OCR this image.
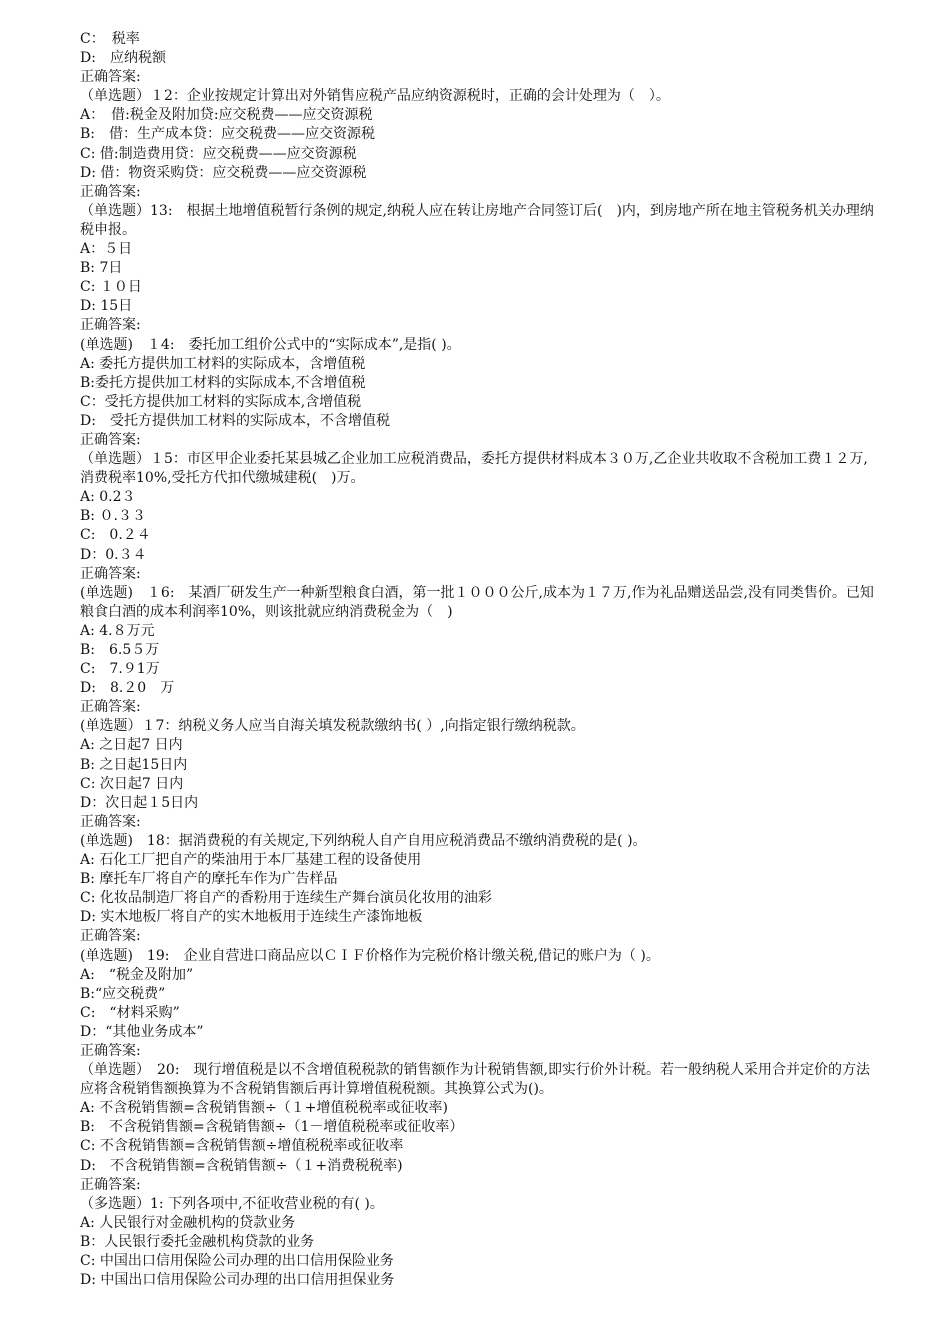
C：　税率

D:　应纳税额

正确答案:

（单选题）１2：企业按规定计算出对外销售应税产品应纳资源税时，正确的会计处理为（　）。

A：　借:税金及附加贷:应交税费——应交资源税

B:　借：生产成本贷：应交税费——应交资源税

C: 借:制造费用贷：应交税费——应交资源税

D: 借：物资采购贷：应交税费——应交资源税

正确答案:

（单选题）13:　根据土地增值税暂行条例的规定,纳税人应在转让房地产合同签订后(　)内，到房地产所在地主管税务机关办理纳税申报。

A：５日

B: 7日

C: １０日

D: 15日

正确答案:

(单选题)　１4:　委托加工组价公式中的“实际成本”,是指( )。

A: 委托方提供加工材料的实际成本，含增值税

B:委托方提供加工材料的实际成本,不含增值税

C：受托方提供加工材料的实际成本,含增值税

D:　受托方提供加工材料的实际成本，不含增值税

正确答案:

（单选题）１5：市区甲企业委托某县城乙企业加工应税消费品，委托方提供材料成本３０万,乙企业共收取不含税加工费１２万,消费税率10%,受托方代扣代缴城建税(　)万。

A: 0.2３

B: ０.３３

C:　0.２４

D：0.３４

正确答案:

(单选题)　１6:　某酒厂研发生产一种新型粮食白酒，第一批１０００公斤,成本为１７万,作为礼品赠送品尝,没有同类售价。已知粮食白酒的成本利润率10%，则该批就应纳消费税金为（　)

A: 4.８万元

B:　6.5５万

C:　7.９1万

D:　8.２0　万

正确答案:

(单选题）１7：纳税义务人应当自海关填发税款缴纳书( ）,向指定银行缴纳税款。

A: 之日起7 日内

B: 之日起15日内

C: 次日起7 日内

D：次日起１5日内

正确答案:

(单选题)　18：据消费税的有关规定,下列纳税人自产自用应税消费品不缴纳消费税的是( )。

A: 石化工厂把自产的柴油用于本厂基建工程的设备使用

B: 摩托车厂将自产的摩托车作为广告样品

C: 化妆品制造厂将自产的香粉用于连续生产舞台演员化妆用的油彩

D: 实木地板厂将自产的实木地板用于连续生产漆饰地板

正确答案:

(单选题)　19:　企业自营进口商品应以ＣＩＦ价格作为完税价格计缴关税,借记的账户为（ )。

A:　“税金及附加”

B:“应交税费”

C:　“材料采购”

D：“其他业务成本”

正确答案:

（单选题）　20:　现行增值税是以不含增值税税款的销售额作为计税销售额,即实行价外计税。若一般纳税人采用合并定价的方法应将含税销售额换算为不含税销售额后再计算增值税税额。其换算公式为()。

A: 不含税销售额=含税销售额÷（１+增值税税率或征收率)

B:　不含税销售额=含税销售额÷（1－增值税税率或征收率）

C: 不含税销售额=含税销售额÷增值税税率或征收率

D:　不含税销售额=含税销售额÷（１+消费税税率)

正确答案:

（多选题）1: 下列各项中,不征收营业税的有( )。

A: 人民银行对金融机构的贷款业务

B：人民银行委托金融机构贷款的业务

C: 中国出口信用保险公司办理的出口信用保险业务

D: 中国出口信用保险公司办理的出口信用担保业务
